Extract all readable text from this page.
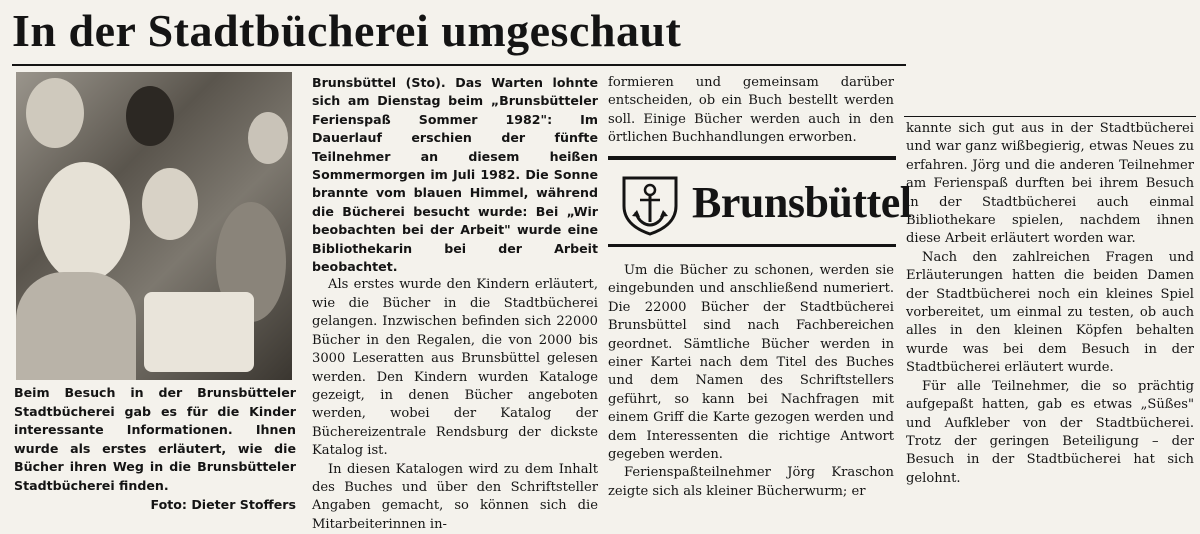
In der Stadtbücherei umgeschaut
Beim Besuch in der Brunsbütteler Stadtbücherei gab es für die Kinder interessante Informationen. Ihnen wurde als erstes erläutert, wie die Bücher ihren Weg in die Brunsbütteler Stadtbücherei finden.
Foto: Dieter Stoffers

Brunsbüttel (Sto). Das Warten lohnte sich am Dienstag beim „Brunsbütteler Ferienspaß Sommer 1982": Im Dauerlauf erschien der fünfte Teilnehmer an diesem heißen Sommermorgen im Juli 1982. Die Sonne brannte vom blauen Himmel, während die Bücherei besucht wurde: Bei „Wir beobachten bei der Arbeit" wurde eine Bibliothekarin bei der Arbeit beobachtet.

Als erstes wurde den Kindern erläutert, wie die Bücher in die Stadtbücherei gelangen. Inzwischen befinden sich 22000 Bücher in den Regalen, die von 2000 bis 3000 Leseratten aus Brunsbüttel gelesen werden. Den Kindern wurden Kataloge gezeigt, in denen Bücher angeboten werden, wobei der Katalog der Büchereizentrale Rendsburg der dickste Katalog ist.

In diesen Katalogen wird zu dem Inhalt des Buches und über den Schriftsteller Angaben gemacht, so können sich die Mitarbeiterinnen in-

formieren und gemeinsam darüber entscheiden, ob ein Buch bestellt werden soll. Einige Bücher werden auch in den örtlichen Buchhandlungen erworben.

Brunsbüttel

Um die Bücher zu schonen, werden sie eingebunden und anschließend numeriert. Die 22000 Bücher der Stadtbücherei Brunsbüttel sind nach Fachbereichen geordnet. Sämtliche Bücher werden in einer Kartei nach dem Titel des Buches und dem Namen des Schriftstellers geführt, so kann bei Nachfragen mit einem Griff die Karte gezogen werden und dem Interessenten die richtige Antwort gegeben werden.

Ferienspaßteilnehmer Jörg Kraschon zeigte sich als kleiner Bücherwurm; er

kannte sich gut aus in der Stadtbücherei und war ganz wißbegierig, etwas Neues zu erfahren. Jörg und die anderen Teilnehmer am Ferienspaß durften bei ihrem Besuch in der Stadtbücherei auch einmal Bibliothekare spielen, nachdem ihnen diese Arbeit erläutert worden war.

Nach den zahlreichen Fragen und Erläuterungen hatten die beiden Damen der Stadtbücherei noch ein kleines Spiel vorbereitet, um einmal zu testen, ob auch alles in den kleinen Köpfen behalten wurde was bei dem Besuch in der Stadtbücherei erläutert wurde.

Für alle Teilnehmer, die so prächtig aufgepaßt hatten, gab es etwas „Süßes" und Aufkleber von der Stadtbücherei. Trotz der geringen Beteiligung – der Besuch in der Stadtbücherei hat sich gelohnt.
